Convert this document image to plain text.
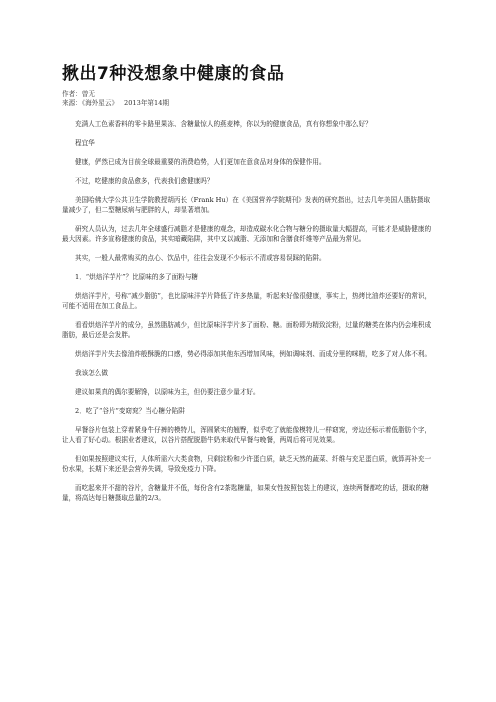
揪出7种没想象中健康的食品
作者：曾无
来源：《海外星云》 2013年第14期

充满人工色素香料的零卡路里果冻、含糖量惊人的燕麦棒，你以为的健康食品，真有你想象中那么好？

程宜华

健康，俨然已成为目前全球最重要的消费趋势，人们更加在意食品对身体的保健作用。

不过，吃健康的食品愈多，代表我们愈健康吗？

美国哈佛大学公共卫生学院教授胡丙长（Frank Hu）在《美国营养学院期刊》发表的研究指出，过去几年美国人脂肪摄取量减少了，但二型糖尿病与肥胖的人，却显著增加。

研究人员认为，过去几年全球盛行减脂才是健康的观念，却造成碳水化合物与糖分的摄取量大幅提高，可能才是威胁健康的最大因素。许多宣称健康的食品，其实暗藏陷阱，其中又以减脂、无添加和含膳食纤维等产品最为常见。

其实，一般人最常购买的点心、饮品中，往往会发现不少标示不清或容易误踩的陷阱。

1．“烘焙洋芋片”？比原味的多了面粉与糖

烘焙洋芋片，号称“减少脂肪”，也比原味洋芋片降低了许多热量，听起来好像很健康，事实上，热烤比油炸还要好的常识，可能不适用在加工食品上。

看看烘焙洋芋片的成分，虽然脂肪减少，但比原味洋芋片多了面粉、糖。面粉即为精致淀粉，过量的糖类在体内仍会堆积成脂肪，最后还是会发胖。

烘焙洋芋片失去像油炸般酥脆的口感，势必得添加其他东西增加风味，例如调味剂、而成分里的咪精，吃多了对人体不利。

我该怎么做

建议如果真的偶尔要解馋，以原味为主，但仍要注意少量才好。

2．吃了“谷片”变窈窕？当心糖分陷阱

早餐谷片包装上穿着紧身牛仔裤的模特儿，浑圆紧实的翘臀，似乎吃了就能像模特儿一样窈窕，旁边还标示着低脂肪个字，让人看了好心动。根据业者建议，以谷片搭配脱脂牛奶来取代早餐与晚餐，两周后将可见效果。

但如果按照建议实行，人体所需六大类食物，只剩淀粉和少许蛋白质，缺乏天然的蔬菜、纤维与充足蛋白质，就算再补充一份水果，长期下来还是会营养失调，导致免疫力下降。

而吃起来并不甜的谷片，含糖量并不低，每份含有2茶匙糖量，如果女性按照包装上的建议，连续两餐都吃的话，摄取的糖量，将高达每日糖摄取总量的2/3。
